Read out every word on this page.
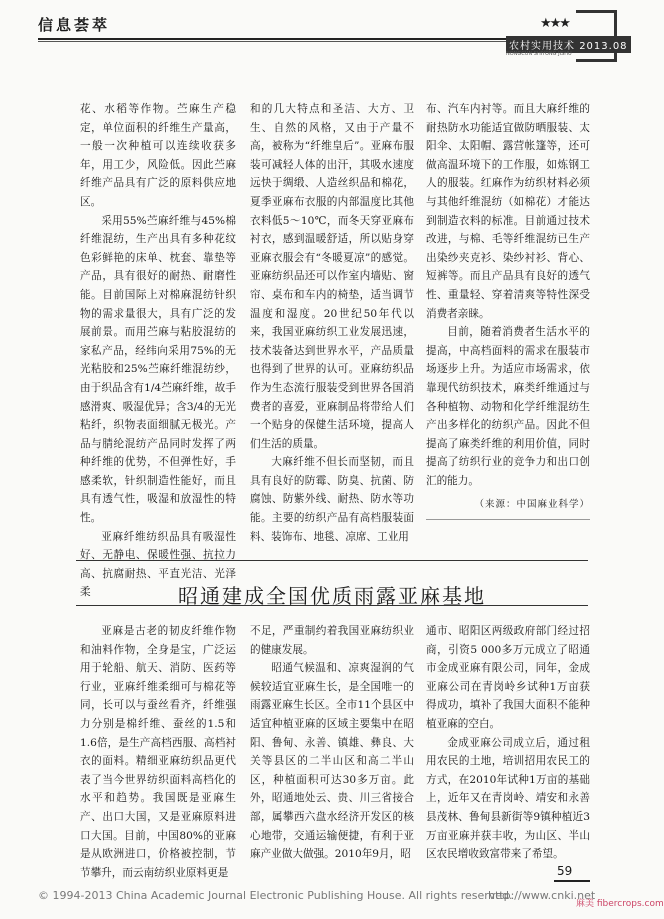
信息荟萃	★★★
农村实用技术 2013.08
NONGCUN SHIYONG JISHU

花、水稻等作物。苎麻生产稳定，单位面积的纤维生产量高，一般一次种植可以连续收获多年，用工少，风险低。因此苎麻纤维产品具有广泛的原料供应地区。

采用55%苎麻纤维与45%棉纤维混纺，生产出具有多种花纹色彩鲜艳的床单、枕套、靠垫等产品，具有很好的耐热、耐磨性能。目前国际上对棉麻混纺针织物的需求量很大，具有广泛的发展前景。而用苎麻与粘胶混纺的家私产品，经纬向采用75%的无光粘胶和25%苎麻纤维混纺纱，由于织品含有1/4苎麻纤维，故手感滑爽、吸湿优异；含3/4的无光粘纤，织物表面细腻无极光。产品与腈纶混纺产品同时发挥了两种纤维的优势，不但弹性好，手感柔软，针织制造性能好，而且具有透气性，吸湿和放湿性的特性。

亚麻纤维纺织品具有吸湿性好、无静电、保暖性强、抗拉力高、抗腐耐热、平直光洁、光泽柔

和的几大特点和圣洁、大方、卫生、自然的风格，又由于产量不高，被称为“纤维皇后”。亚麻布服装可减轻人体的出汗，其吸水速度远快于绸缎、人造丝织品和棉花，夏季亚麻布衣服的内部温度比其他衣料低5～10℃，而冬天穿亚麻布衬衣，感到温暖舒适，所以贴身穿亚麻衣服会有“冬暖夏凉”的感觉。亚麻纺织品还可以作室内墙贴、窗帘、桌布和车内的椅垫，适当调节温度和湿度。20世纪50年代以来，我国亚麻纺织工业发展迅速，技术装备达到世界水平，产品质量也得到了世界的认可。亚麻纺织品作为生态流行服装受到世界各国消费者的喜爱，亚麻制品将带给人们一个贴身的保健生活环境，提高人们生活的质量。

大麻纤维不但长而坚韧，而且具有良好的防霉、防臭、抗菌、防腐蚀、防紫外线、耐热、防水等功能。主要的纺织产品有高档服装面料、装饰布、地毯、凉席、工业用

布、汽车内衬等。而且大麻纤维的耐热防水功能适宜做防晒服装、太阳伞、太阳帽、露营帐篷等，还可做高温环境下的工作服，如炼钢工人的服装。红麻作为纺织材料必须与其他纤维混纺（如棉花）才能达到制造衣料的标准。目前通过技术改进，与棉、毛等纤维混纺已生产出染纱夹克衫、染纱衬衫、背心、短裤等。而且产品具有良好的透气性、重量轻、穿着清爽等特性深受消费者亲睐。

目前，随着消费者生活水平的提高，中高档面料的需求在服装市场逐步上升。为适应市场需求，依靠现代纺织技术，麻类纤维通过与各种植物、动物和化学纤维混纺生产出多样化的纺织产品。因此不但提高了麻类纤维的利用价值，同时提高了纺织行业的竞争力和出口创汇的能力。

（来源：中国麻业科学）
昭通建成全国优质雨露亚麻基地

亚麻是古老的韧皮纤维作物和油料作物，全身是宝，广泛运用于轮船、航天、消防、医药等行业，亚麻纤维柔细可与棉花等同，长可以与蚕丝看齐，纤维强力分别是棉纤维、蚕丝的1.5和1.6倍，是生产高档西服、高档衬衣的面料。精细亚麻纺织品更代表了当今世界纺织面料高档化的水平和趋势。我国既是亚麻生产、出口大国，又是亚麻原料进口大国。目前，中国80%的亚麻是从欧洲进口，价格被控制，节节攀升，而云南纺织业原料更是

不足，严重制约着我国亚麻纺织业的健康发展。

昭通气候温和、凉爽湿润的气候较适宜亚麻生长，是全国唯一的雨露亚麻生长区。全市11个县区中适宜种植亚麻的区域主要集中在昭阳、鲁甸、永善、镇雄、彝良、大关等县区的二半山区和高二半山区，种植面积可达30多万亩。此外，昭通地处云、贵、川三省接合部，属攀西六盘水经济开发区的核心地带，交通运输便捷，有利于亚麻产业做大做强。2010年9月，昭

通市、昭阳区两级政府部门经过招商，引资5 000多万元成立了昭通市金成亚麻有限公司，同年，金成亚麻公司在青岗岭乡试种1万亩获得成功，填补了我国大面积不能种植亚麻的空白。

金成亚麻公司成立后，通过租用农民的土地，培训招用农民工的方式，在2010年试种1万亩的基础上，近年又在青岗岭、靖安和永善县茂林、鲁甸县新街等9镇种植近3万亩亚麻并获丰收，为山区、半山区农民增收致富带来了希望。

59
© 1994-2013 China Academic Journal Electronic Publishing House. All rights reserved.
http://www.cnki.net
麻美 fibercrops.com
